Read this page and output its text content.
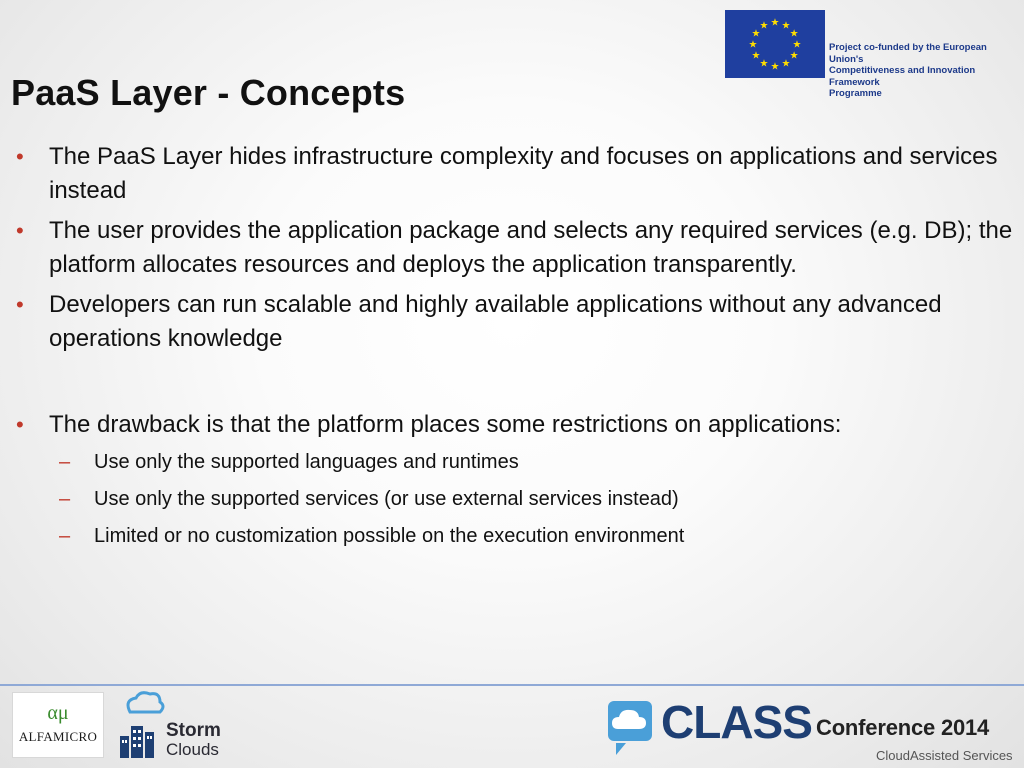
PaaS Layer - Concepts
★ ★
★
★
★
★
★
★
★
★
★
★
Project co-funded by the European Union's
Competitiveness and Innovation Framework
Programme
• The PaaS Layer hides infrastructure complexity and focuses on applications and services instead
• The user provides the application package and selects any required services (e.g. DB); the platform allocates resources and deploys the application transparently.
• Developers can run scalable and highly available applications without any advanced operations knowledge
• The drawback is that the platform places some restrictions on applications:
– Use only the supported languages and runtimes
– Use only the supported services (or use external services instead)
– Limited or no customization possible on the execution environment
αμ
ALFAMICRO	Storm
Clouds
CLASS Conference 2014
CloudAssisted Services
